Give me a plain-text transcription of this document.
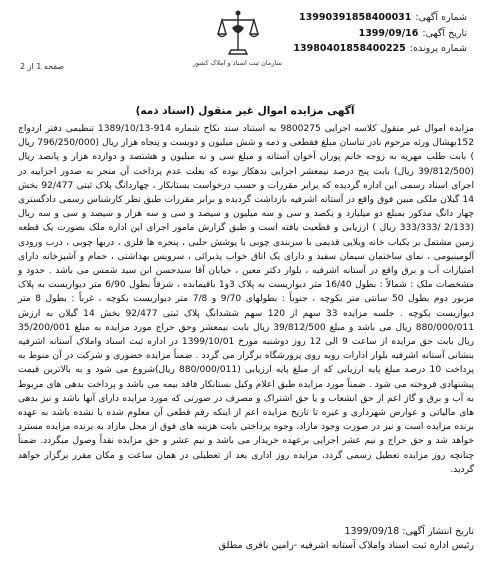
شماره آگهی:
13990391858400031
تاریخ آگهی:
1399/09/16
شماره پرونده:
13980401858400225
سازمان ثبت اسناد و املاک کشور
صفحه 1 از 2
آگهی مزایده اموال غیر منقول (اسناد ذمه)

مزایده اموال غیر منقول کلاسه اجرایی 9800275 به استناد سند نکاح شماره 914-1389/10/13 تنظیمی دفتر ازدواج 152بهشال ورثه مرحوم نادر تناسان مبلغ فقطعی و ذمه و شش میلیون و دویست و پنجاه هزار ریال (796/250/000 ریال ) بابت طلب مهریه به زوجه خانم پوران آخوان آستانه و مبلغ سی و نه میلیون و هشتصد و دوازده هزار و پانصد ریال (39/812/500 ریال) بابت پنج درصد نیمعشر اجرایی بدهکار بوده که بعلت عدم پرداخت آن منجر به صدور اجراییه در اجرای اسناد رسمی این اداره گردیده که برابر مقررات و حسب درخواست بستانکار ، چهاردانگ پلاک ثبتی 92/477 بخش 14 گیلان ملکی مبین فوق واقع در آستانه اشرفیه بازداشت گردیده و برابر مقررات طبق نظر کارشناس رسمی دادگستری چهار دانگ مذکور بمبلغ دو میلیارد و یکصد و سی و سه میلیون و سیصد و سی و سه هزار و سیصد و سی و سه ریال (2/133 /333/333 ریال ) ارزیابی و قطعیت یافته است و طبق گزارش مامور اجرای این اداره ملک بصورت یک قطعه زمین مشتمل بر یکباب خانه ویلایی قدیمی با سربندی چوبی با پوشش حلبی ، پنجره ها فلزی ، دربها چوبی ، درب ورودی آلومینیومی ، نمای ساختمان سیمان سفید و دارای یک اتاق خواب پذیرائی ، سرویس بهداشتی ، حمام و آشپزخانه دارای امتیازات آب و برق واقع در آستانه اشرفیه ، بلوار دکتر معین ، خیابان آقا سیدحسن ابن سید شمس می باشد . حدود و مشخصات ملک : شمالاً : بطول 16/40 متر دیواریست به پلاک 3و1 باقیمانده ، شرقاً بطول 6/90 متر دیواریست به پلاک مزبور دوم بطول 50 سانتی متر بکوچه ، جنوباً : بطولهای 9/70 و 7/8 متر دیواریست بکوچه ، غرباً : بطول 8 متر دیواریست بکوچه . جلسه مزایده 33 سهم از 120 سهم ششدانگ پلاک ثبتی 92/477 بخش 14 گیلان به ارزش 880/000/011 ریال می باشد و مبلغ 39/812/500 ریال بابت نیمعشر وحق حراج مورد مزایده به مبلغ 35/200/001 ریال بابت حق مزایده از ساعت 9 الی 12 روز دوشنبه مورخ 1399/10/01 در اداره ثبت اسناد واملاک آستانه اشرفیه بنشانی آستانه اشرفیه بلوار ادارات روبه روی پرورشگاه برگزار می گردد . ضمناً مزایده حضوری و شرکت در آن منوط به پرداخت 10 درصد مبلغ پایه ارزیابی که از مبلغ پایه ارزیابی (880/000/011 ریال)شروع می شود و به بالاترین قیمت پیشنهادی فروخته می شود . ضمناً مورد مزایده طبق اعلام وکیل بستانکار فاقد بیمه می باشد و پرداخت بدهی های مربوط به آب و برق و گاز اعم از حق انشعاب و یا حق اشتراک و مصرف در صورتی که مورد مزایده دارای آنها باشد و نیز بدهی های مالیاتی و عوارض شهرداری و غیره تا تاریخ مزایده اعم از اینکه رقم قطعی آن معلوم شده یا نشده باشد به عهده برنده مزایده است و نیز در صورت وجود مازاد، وجوه پرداختی بابت هزینه های فوق از محل مازاد به برنده مزایده مسترد خواهد شد و حق حراج و نیم عشر اجرایی برعهده خریدار می باشد و نیم عشر و حق مزایده نقداً وصول میگردد. ضمناً چنانچه روز مزایده تعطیل رسمی گردد، مزایده روز اداری بعد از تعطیلی در همان ساعت و مکان مقرر برگزار خواهد گردید.

تاریخ انتشار آگهی: 1399/09/18
رئیس اداره ثبت اسناد واملاک آستانه اشرفیه -رامین باقری مطلق
